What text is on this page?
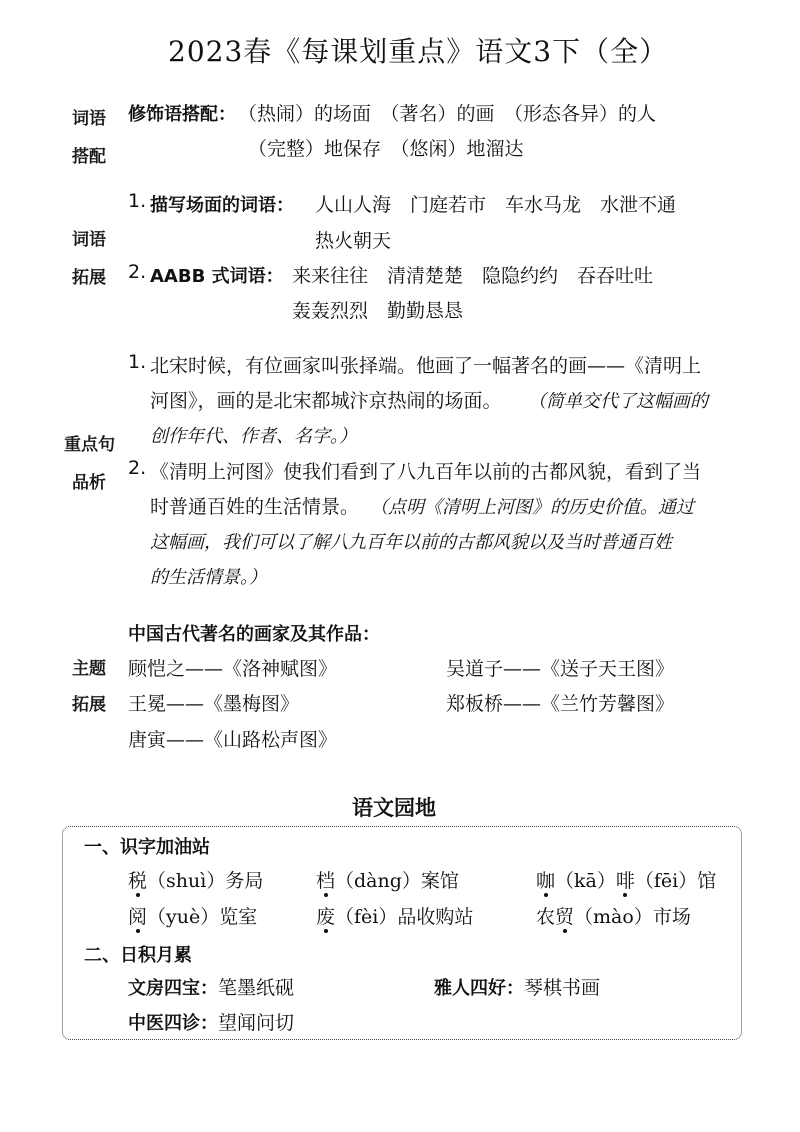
2023春《每课划重点》语文3下（全）
词语
搭配
修饰语搭配： （热闹）的场面　（著名）的画　（形态各异）的人
（完整）地保存　（悠闲）地溜达
词语
拓展
1. 描写场面的词语： 人山人海　门庭若市　车水马龙　水泄不通
热火朝天
2. AABB 式词语： 来来往往　清清楚楚　隐隐约约　吞吞吐吐
轰轰烈烈　勤勤恳恳
重点句
品析
1. 北宋时候，有位画家叫张择端。他画了一幅著名的画——《清明上
河图》，画的是北宋都城汴京热闹的场面。 （简单交代了这幅画的
创作年代、作者、名字。）
2. 《清明上河图》使我们看到了八九百年以前的古都风貌，看到了当
时普通百姓的生活情景。 （点明《清明上河图》的历史价值。通过
这幅画，我们可以了解八九百年以前的古都风貌以及当时普通百姓
的生活情景。）
主题
拓展
中国古代著名的画家及其作品：
顾恺之——《洛神赋图》	吴道子——《送子天王图》
王冕——《墨梅图》	郑板桥——《兰竹芳馨图》
唐寅——《山路松声图》
语文园地
一、识字加油站
税（shuì）务局	档（dàng）案馆	咖（kā）啡（fēi）馆
阅（yuè）览室	废（fèi）品收购站	农贸（mào）市场
二、日积月累
文房四宝：笔墨纸砚	雅人四好：琴棋书画
中医四诊：望闻问切
